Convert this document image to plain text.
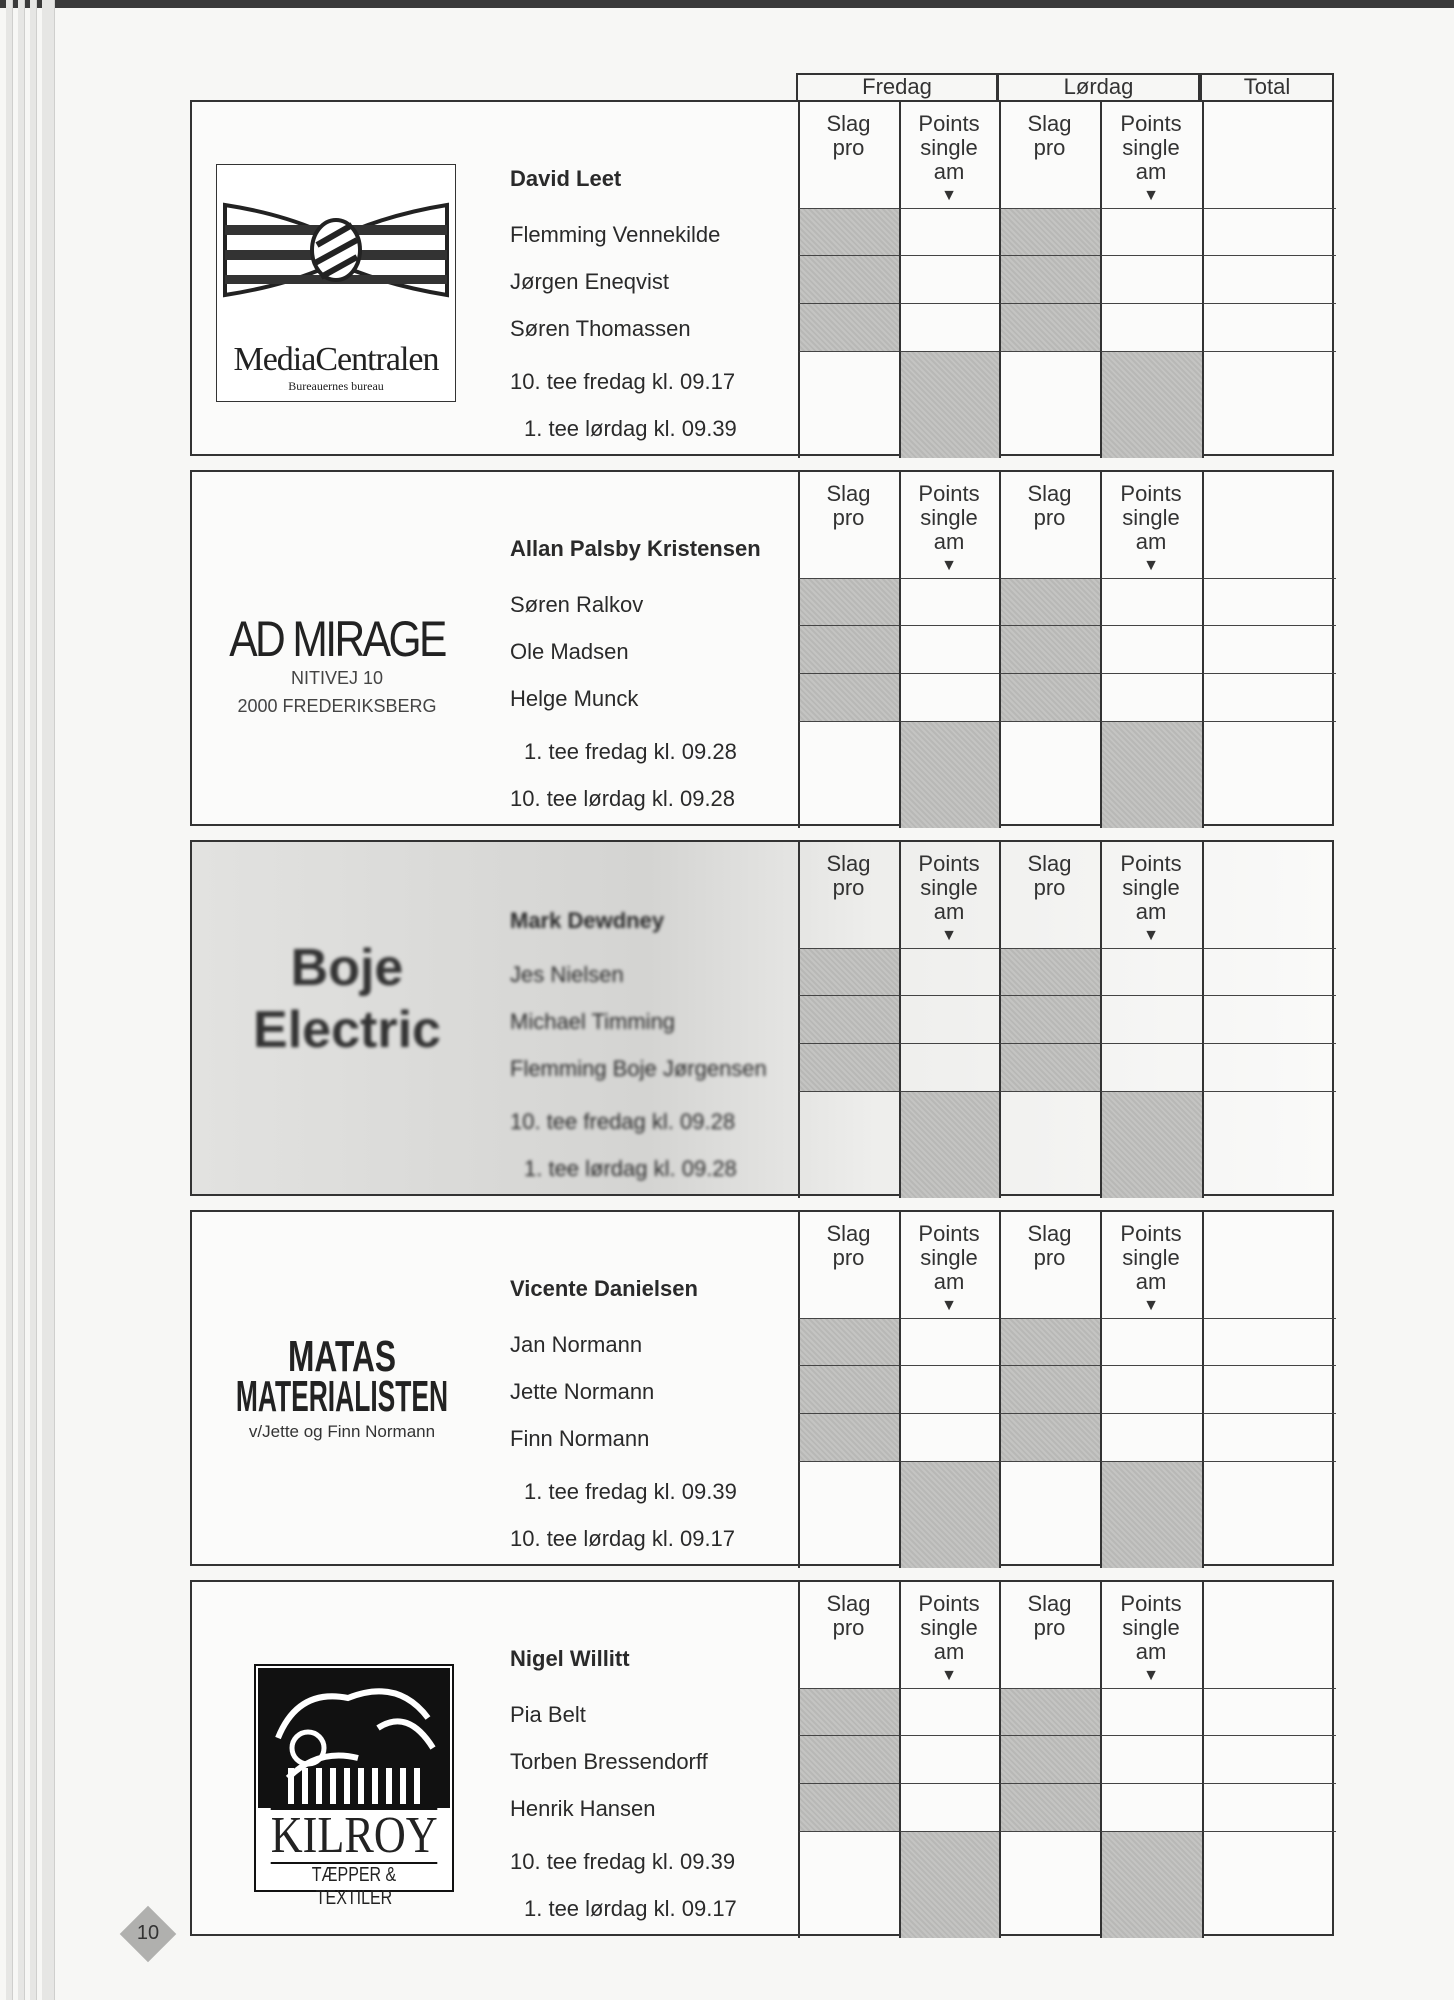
Fredag	Lørdag	Total
MediaCentralen
Bureauernes bureau
David Leet
Flemming Vennekilde
Jørgen Eneqvist
Søren Thomassen
10. tee fredag kl. 09.17
1. tee lørdag kl. 09.39
Slag
pro
Points
single
am
▼
Slag
pro
Points
single
am
▼
AD MIRAGE
NITIVEJ 10
2000 FREDERIKSBERG
Allan Palsby Kristensen
Søren Ralkov
Ole Madsen
Helge Munck
1. tee fredag kl. 09.28
10. tee lørdag kl. 09.28
Slag
pro
Points
single
am
▼
Slag
pro
Points
single
am
▼
Boje
Electric
Mark Dewdney
Jes Nielsen
Michael Timming
Flemming Boje Jørgensen
10. tee fredag kl. 09.28
1. tee lørdag kl. 09.28
Slag
pro
Points
single
am
▼
Slag
pro
Points
single
am
▼
MATAS
MATERIALISTEN
v/Jette og Finn Normann
Vicente Danielsen
Jan Normann
Jette Normann
Finn Normann
1. tee fredag kl. 09.39
10. tee lørdag kl. 09.17
Slag
pro
Points
single
am
▼
Slag
pro
Points
single
am
▼
KILROY
TÆPPER & TEXTILER
Nigel Willitt
Pia Belt
Torben Bressendorff
Henrik Hansen
10. tee fredag kl. 09.39
1. tee lørdag kl. 09.17
Slag
pro
Points
single
am
▼
Slag
pro
Points
single
am
▼
10
